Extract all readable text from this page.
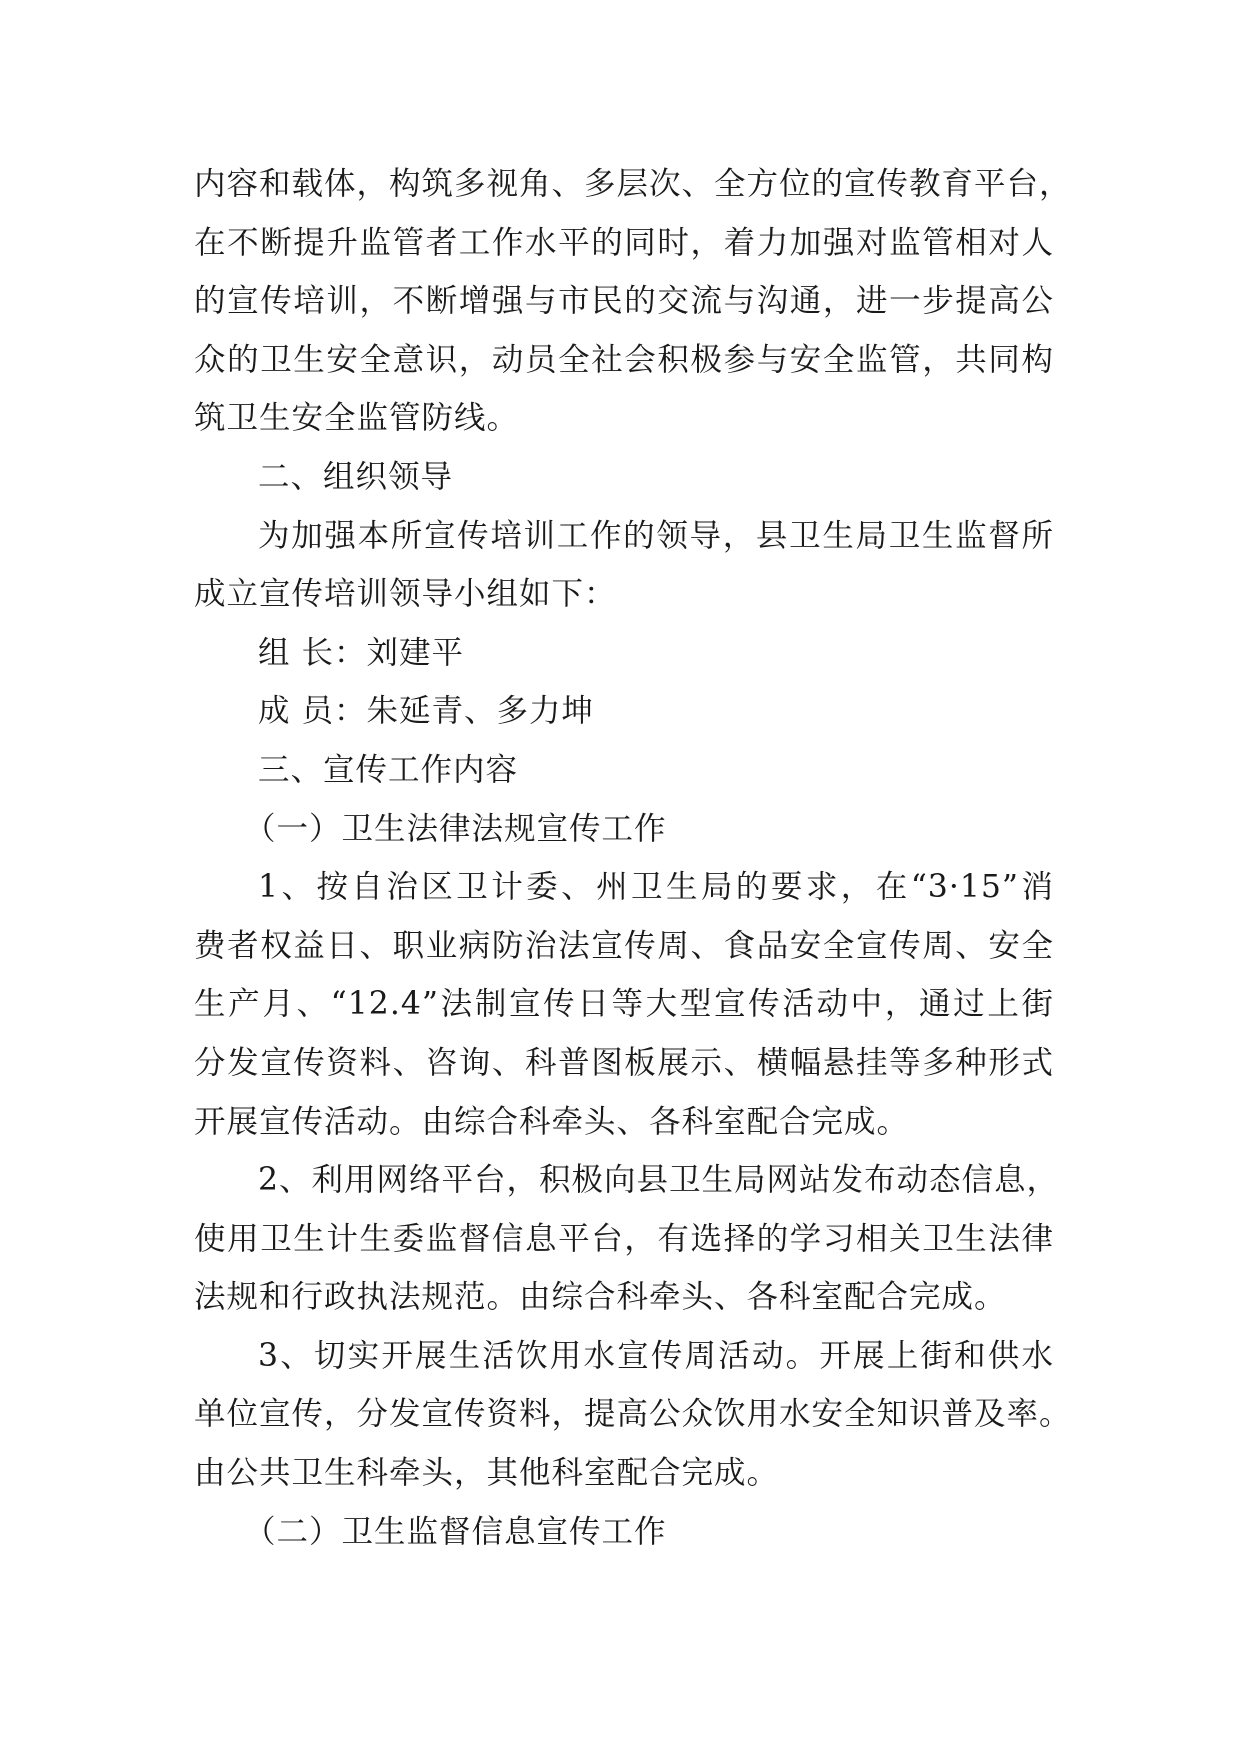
内容和载体，构筑多视角、多层次、全方位的宣传教育平台，
在不断提升监管者工作水平的同时，着力加强对监管相对人
的宣传培训，不断增强与市民的交流与沟通，进一步提高公
众的卫生安全意识，动员全社会积极参与安全监管，共同构
筑卫生安全监管防线。
二、组织领导
为加强本所宣传培训工作的领导，县卫生局卫生监督所
成立宣传培训领导小组如下：
组 长：刘建平
成 员：朱延青、多力坤
三、宣传工作内容
（一）卫生法律法规宣传工作
1、按自治区卫计委、州卫生局的要求，在“3·15”消
费者权益日、职业病防治法宣传周、食品安全宣传周、安全
生产月、“12.4”法制宣传日等大型宣传活动中，通过上街
分发宣传资料、咨询、科普图板展示、横幅悬挂等多种形式
开展宣传活动。由综合科牵头、各科室配合完成。
2、利用网络平台，积极向县卫生局网站发布动态信息，
使用卫生计生委监督信息平台，有选择的学习相关卫生法律
法规和行政执法规范。由综合科牵头、各科室配合完成。
3、切实开展生活饮用水宣传周活动。开展上街和供水
单位宣传，分发宣传资料，提高公众饮用水安全知识普及率。
由公共卫生科牵头，其他科室配合完成。
（二）卫生监督信息宣传工作
